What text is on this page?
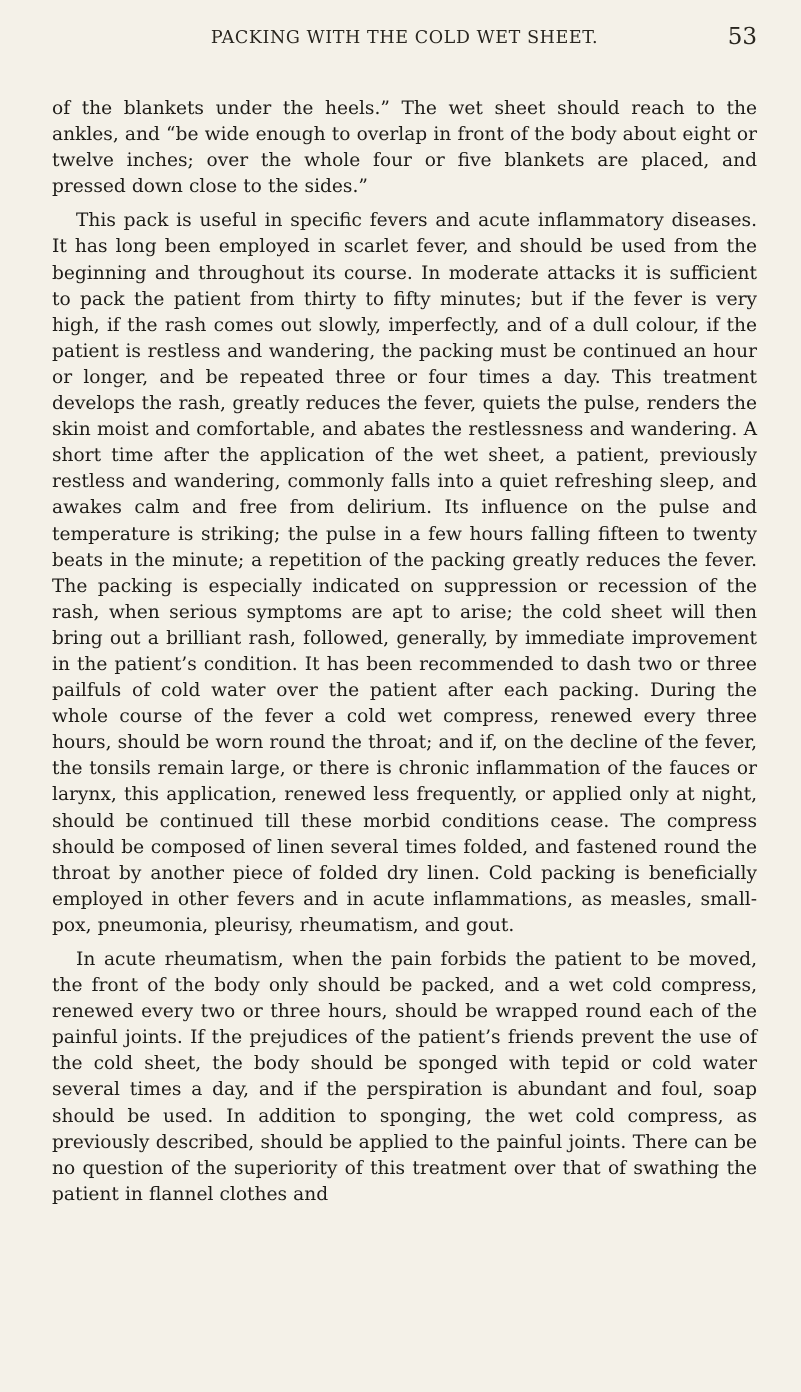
PACKING WITH THE COLD WET SHEET.	53

of the blankets under the heels.” The wet sheet should reach to the ankles, and “be wide enough to overlap in front of the body about eight or twelve inches; over the whole four or five blankets are placed, and pressed down close to the sides.”

This pack is useful in specific fevers and acute inflammatory diseases. It has long been employed in scarlet fever, and should be used from the beginning and throughout its course. In moderate attacks it is sufficient to pack the patient from thirty to fifty minutes; but if the fever is very high, if the rash comes out slowly, imperfectly, and of a dull colour, if the patient is restless and wandering, the packing must be continued an hour or longer, and be repeated three or four times a day. This treatment develops the rash, greatly reduces the fever, quiets the pulse, renders the skin moist and comfortable, and abates the restlessness and wandering. A short time after the application of the wet sheet, a patient, previously restless and wandering, commonly falls into a quiet refreshing sleep, and awakes calm and free from delirium. Its influence on the pulse and temperature is striking; the pulse in a few hours falling fifteen to twenty beats in the minute; a repetition of the packing greatly reduces the fever. The packing is especially indicated on suppression or recession of the rash, when serious symptoms are apt to arise; the cold sheet will then bring out a brilliant rash, followed, generally, by immediate improvement in the patient’s condition. It has been recommended to dash two or three pailfuls of cold water over the patient after each packing. During the whole course of the fever a cold wet compress, renewed every three hours, should be worn round the throat; and if, on the decline of the fever, the tonsils remain large, or there is chronic inflammation of the fauces or larynx, this application, renewed less frequently, or applied only at night, should be continued till these morbid conditions cease. The compress should be composed of linen several times folded, and fastened round the throat by another piece of folded dry linen. Cold packing is beneficially employed in other fevers and in acute inflammations, as measles, small-pox, pneumonia, pleurisy, rheumatism, and gout.

In acute rheumatism, when the pain forbids the patient to be moved, the front of the body only should be packed, and a wet cold compress, renewed every two or three hours, should be wrapped round each of the painful joints. If the prejudices of the patient’s friends prevent the use of the cold sheet, the body should be sponged with tepid or cold water several times a day, and if the perspiration is abundant and foul, soap should be used. In addition to sponging, the wet cold compress, as previously described, should be applied to the painful joints. There can be no question of the superiority of this treatment over that of swathing the patient in flannel clothes and
